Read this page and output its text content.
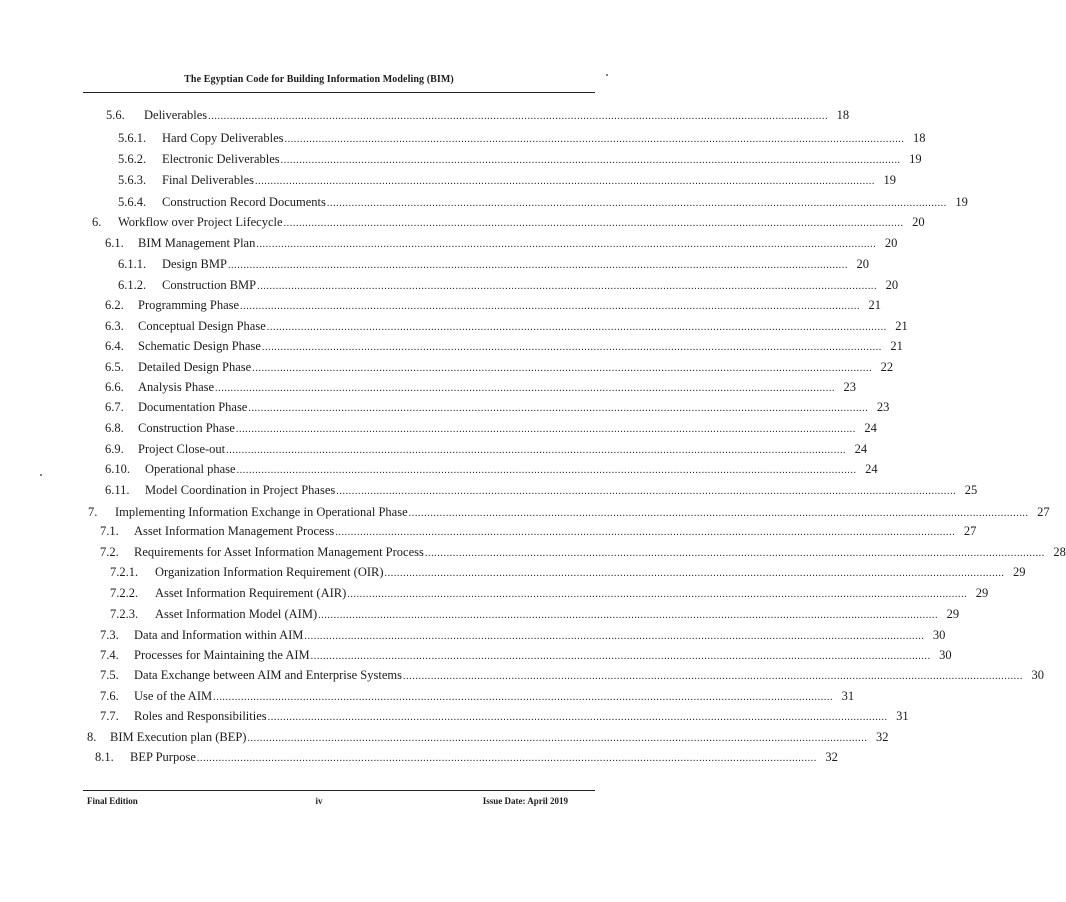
The Egyptian Code for Building Information Modeling (BIM)
5.6.	Deliverables ........................................................................................................................................................................................................ 18
5.6.1.	Hard Copy Deliverables ........................................................................................................................................................................................................ 18
5.6.2.	Electronic Deliverables ........................................................................................................................................................................................................ 19
5.6.3.	Final Deliverables ........................................................................................................................................................................................................ 19
5.6.4.	Construction Record Documents ........................................................................................................................................................................................................ 19
6.	Workflow over Project Lifecycle ........................................................................................................................................................................................................ 20
6.1.	BIM Management Plan ........................................................................................................................................................................................................ 20
6.1.1.	Design BMP ........................................................................................................................................................................................................ 20
6.1.2.	Construction BMP ........................................................................................................................................................................................................ 20
6.2.	Programming Phase ........................................................................................................................................................................................................ 21
6.3.	Conceptual Design Phase ........................................................................................................................................................................................................ 21
6.4.	Schematic Design Phase ........................................................................................................................................................................................................ 21
6.5.	Detailed Design Phase ........................................................................................................................................................................................................ 22
6.6.	Analysis Phase ........................................................................................................................................................................................................ 23
6.7.	Documentation Phase ........................................................................................................................................................................................................ 23
6.8.	Construction Phase ........................................................................................................................................................................................................ 24
6.9.	Project Close-out ........................................................................................................................................................................................................ 24
6.10.	Operational phase ........................................................................................................................................................................................................ 24
6.11.	Model Coordination in Project Phases ........................................................................................................................................................................................................ 25
7.	Implementing Information Exchange in Operational Phase ........................................................................................................................................................................................................ 27
7.1.	Asset Information Management Process ........................................................................................................................................................................................................ 27
7.2.	Requirements for Asset Information Management Process ........................................................................................................................................................................................................ 28
7.2.1.	Organization Information Requirement (OIR) ........................................................................................................................................................................................................ 29
7.2.2.	Asset Information Requirement (AIR) ........................................................................................................................................................................................................ 29
7.2.3.	Asset Information Model (AIM) ........................................................................................................................................................................................................ 29
7.3.	Data and Information within AIM ........................................................................................................................................................................................................ 30
7.4.	Processes for Maintaining the AIM ........................................................................................................................................................................................................ 30
7.5.	Data Exchange between AIM and Enterprise Systems ........................................................................................................................................................................................................ 30
7.6.	Use of the AIM ........................................................................................................................................................................................................ 31
7.7.	Roles and Responsibilities ........................................................................................................................................................................................................ 31
8.	BIM Execution plan (BEP) ........................................................................................................................................................................................................ 32
8.1.	BEP Purpose ........................................................................................................................................................................................................ 32
Final Edition	iv	Issue Date: April 2019
